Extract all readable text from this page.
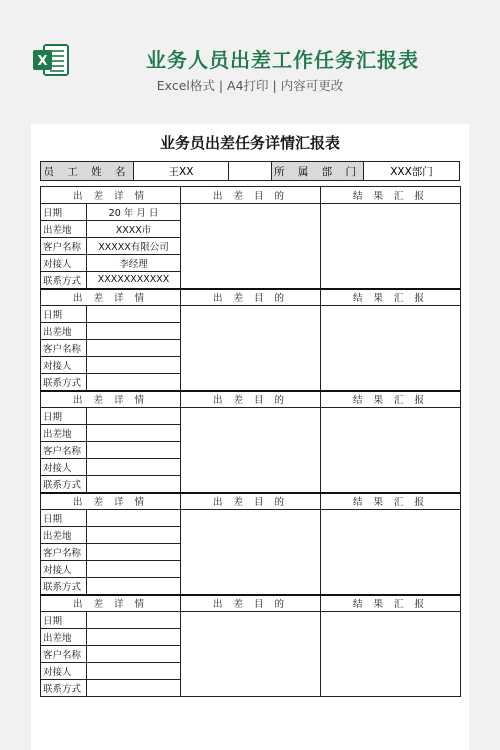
X	业务人员出差工作任务汇报表
Excel格式 | A4打印 | 内容可更改
业务员出差任务详情汇报表
员 工 姓 名	王XX	所 属 部 门	XXX部门
出 差 详 情		出 差 目 的	结 果 汇 报
日期	20 年 月 日		
出差地	XXXX市		
客户名称	XXXXX有限公司		
对接人	李经理		
联系方式	XXXXXXXXXXX		
出 差 详 情		出 差 目 的	结 果 汇 报
日期			
出差地			
客户名称			
对接人			
联系方式			
出 差 详 情		出 差 目 的	结 果 汇 报
日期			
出差地			
客户名称			
对接人			
联系方式			
出 差 详 情		出 差 目 的	结 果 汇 报
日期			
出差地			
客户名称			
对接人			
联系方式			
出 差 详 情		出 差 目 的	结 果 汇 报
日期			
出差地			
客户名称			
对接人			
联系方式			
